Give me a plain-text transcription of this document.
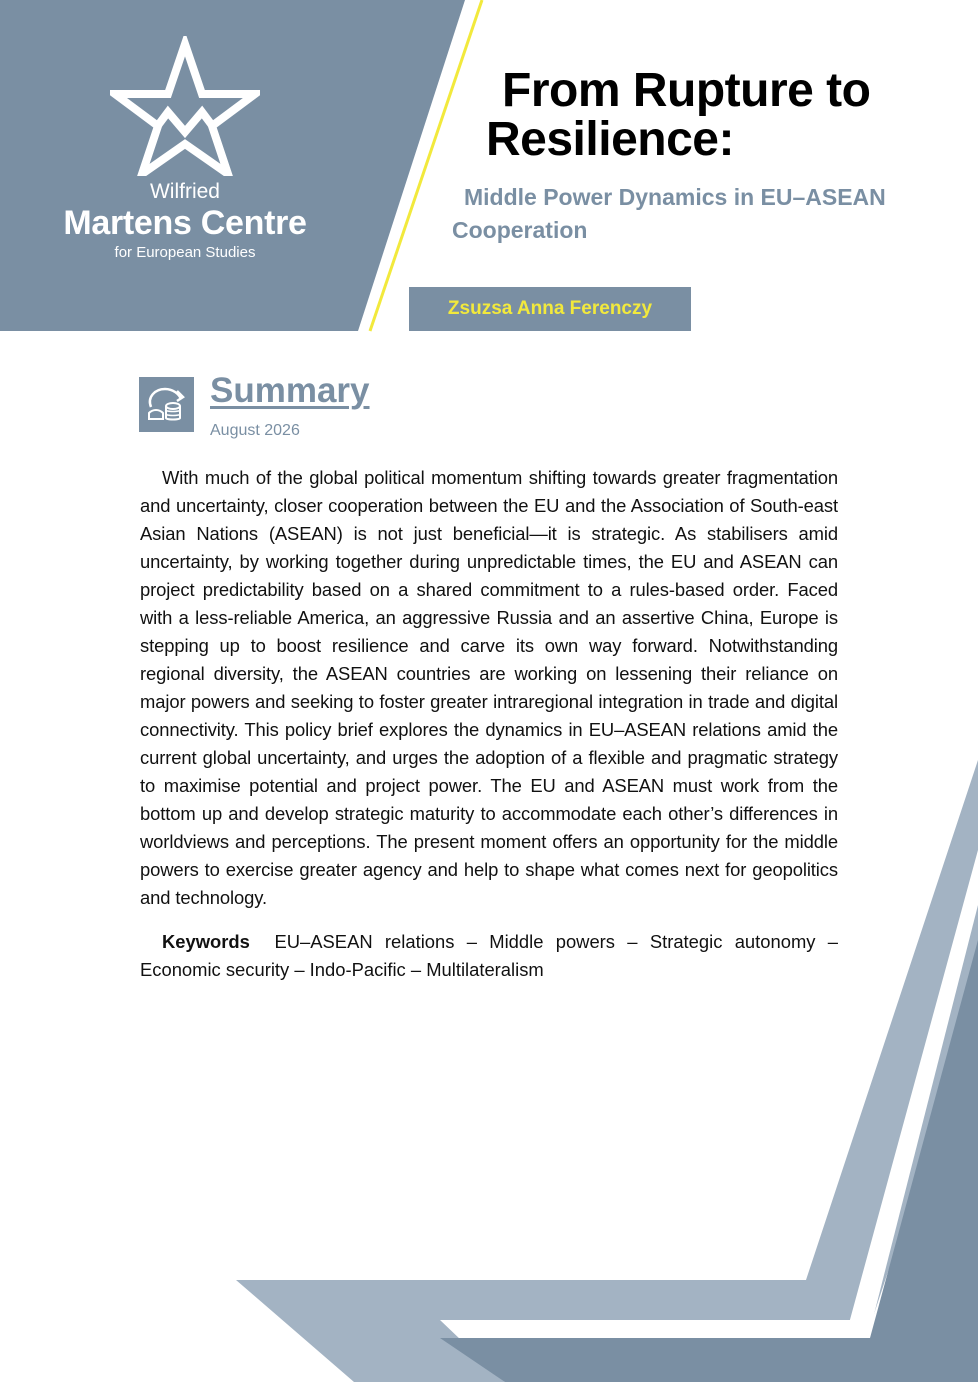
Wilfried
Martens Centre
for European Studies
From Rupture to
Resilience:
Middle Power Dynamics in EU–ASEAN
Cooperation
Zsuzsa Anna Ferenczy
Summary
August 2026

With much of the global political momentum shifting towards greater fragmentation and uncertainty, closer cooperation between the EU and the Association of South-east Asian Nations (ASEAN) is not just beneficial—it is strategic. As stabilisers amid uncertainty, by working together during unpredictable times, the EU and ASEAN can project predictability based on a shared commitment to a rules-based order. Faced with a less-reliable America, an aggressive Russia and an assertive China, Europe is stepping up to boost resilience and carve its own way forward. Notwithstanding regional diversity, the ASEAN countries are working on lessening their reliance on major powers and seeking to foster greater intraregional integration in trade and digital connectivity. This policy brief explores the dynamics in EU–ASEAN relations amid the current global uncertainty, and urges the adoption of a flexible and pragmatic strategy to maximise potential and project power. The EU and ASEAN must work from the bottom up and develop strategic maturity to accommodate each other’s differences in worldviews and perceptions. The present moment offers an opportunity for the middle powers to exercise greater agency and help to shape what comes next for geopolitics and technology.

Keywords EU–ASEAN relations – Middle powers – Strategic autonomy – Economic security – Indo-Pacific – Multilateralism
